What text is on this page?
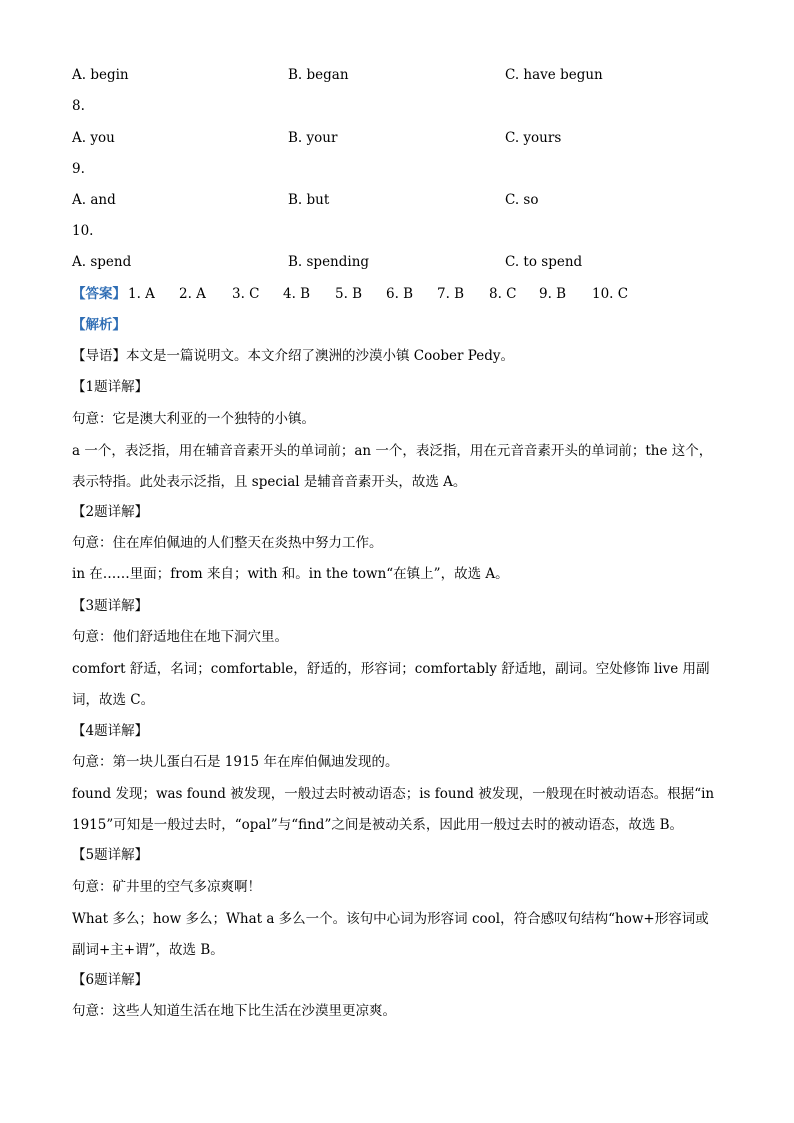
A. begin	B. began	C. have begun
8.
A. you	B. your	C. yours
9.
A. and	B. but	C. so
10.
A. spend	B. spending	C. to spend
【答案】 1. A 2. A 3. C 4. B 5. B 6. B 7. B 8. C 9. B 10. C
【解析】
【导语】本文是一篇说明文。本文介绍了澳洲的沙漠小镇 Coober Pedy。
【1题详解】
句意：它是澳大利亚的一个独特的小镇。
a 一个，表泛指，用在辅音音素开头的单词前；an 一个，表泛指，用在元音音素开头的单词前；the 这个，表示特指。此处表示泛指，且 special 是辅音音素开头，故选 A。
【2题详解】
句意：住在库伯佩迪的人们整天在炎热中努力工作。
in 在……里面；from 来自；with 和。in the town“在镇上”，故选 A。
【3题详解】
句意：他们舒适地住在地下洞穴里。
comfort 舒适，名词；comfortable，舒适的，形容词；comfortably 舒适地，副词。空处修饰 live 用副词，故选 C。
【4题详解】
句意：第一块儿蛋白石是 1915 年在库伯佩迪发现的。
found 发现；was found 被发现，一般过去时被动语态；is found 被发现，一般现在时被动语态。根据“in 1915”可知是一般过去时，“opal”与“find”之间是被动关系，因此用一般过去时的被动语态，故选 B。
【5题详解】
句意：矿井里的空气多凉爽啊！
What 多么；how 多么；What a 多么一个。该句中心词为形容词 cool，符合感叹句结构“how+形容词或副词+主+谓”，故选 B。
【6题详解】
句意：这些人知道生活在地下比生活在沙漠里更凉爽。
